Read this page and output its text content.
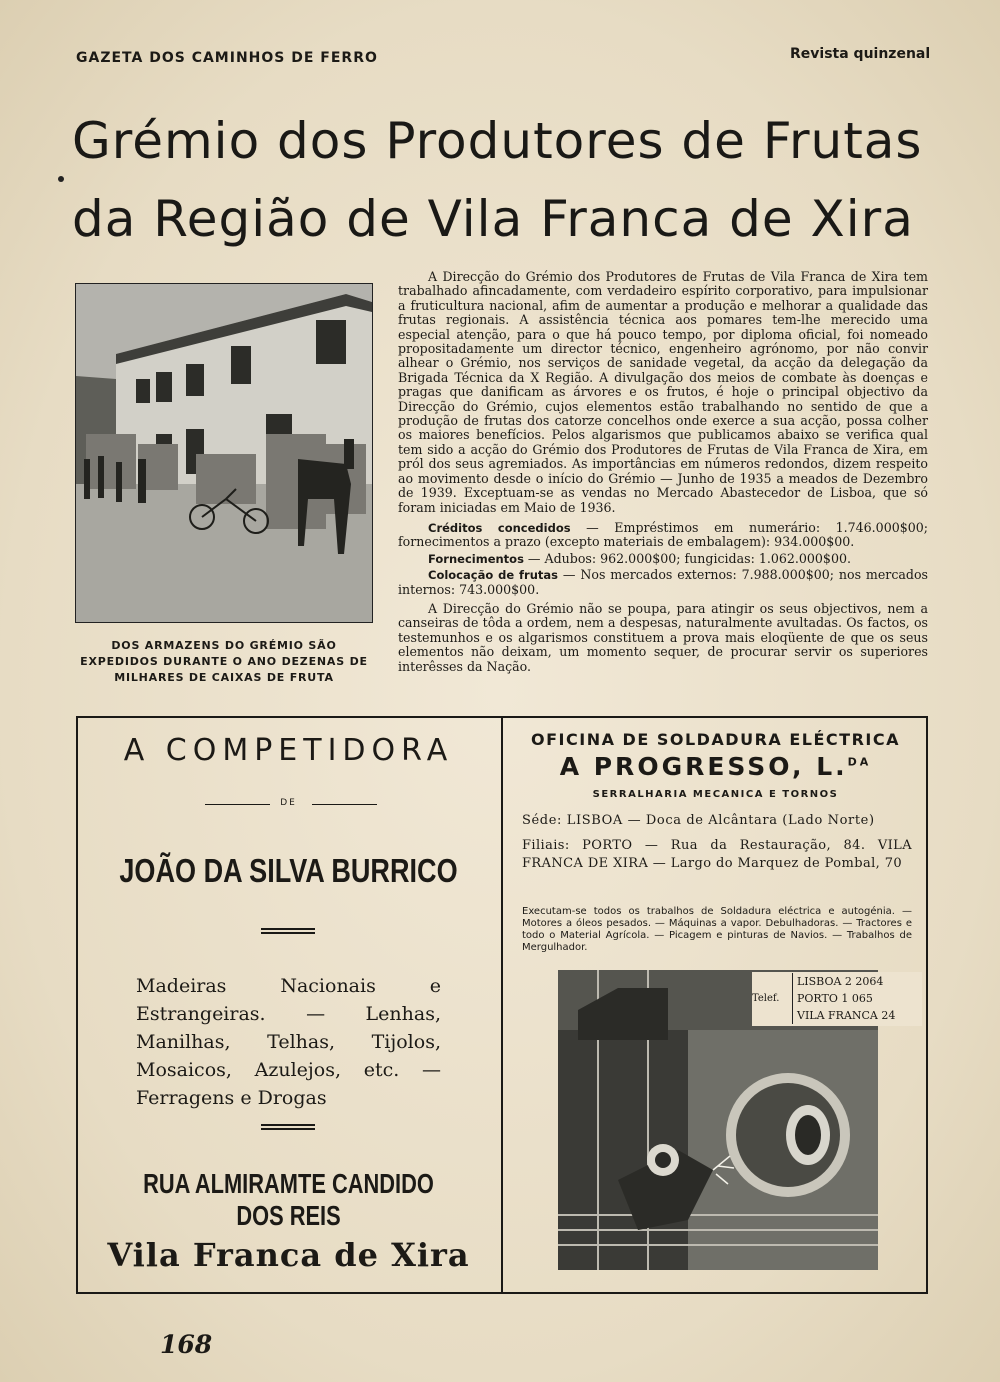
GAZETA DOS CAMINHOS DE FERRO	Revista quinzenal
Grémio dos Produtores de Frutas
da Região de Vila Franca de Xira
DOS ARMAZENS DO GRÉMIO SÃO EXPEDIDOS DURANTE O ANO DEZENAS DE MILHARES DE CAIXAS DE FRUTA

A Direcção do Grémio dos Produtores de Frutas de Vila Franca de Xira tem trabalhado afincadamente, com verdadeiro espírito corporativo, para impulsionar a fruticultura nacional, afim de aumentar a produção e melhorar a qualidade das frutas regionais. A assistência técnica aos pomares tem-lhe merecido uma especial atenção, para o que há pouco tempo, por diploma oficial, foi nomeado propositadamente um director técnico, engenheiro agrónomo, por não convir alhear o Grémio, nos serviços de sanidade vegetal, da acção da delegação da Brigada Técnica da X Região. A divulgação dos meios de combate às doenças e pragas que danificam as árvores e os frutos, é hoje o principal objectivo da Direcção do Grémio, cujos elementos estão trabalhando no sentido de que a produção de frutas dos catorze concelhos onde exerce a sua acção, possa colher os maiores benefícios. Pelos algarismos que publicamos abaixo se verifica qual tem sido a acção do Grémio dos Produtores de Frutas de Vila Franca de Xira, em pról dos seus agremiados. As importâncias em números redondos, dizem respeito ao movimento desde o início do Grémio — Junho de 1935 a meados de Dezembro de 1939. Exceptuam-se as vendas no Mercado Abastecedor de Lisboa, que só foram iniciadas em Maio de 1936.

Créditos concedidos — Empréstimos em numerário: 1.746.000$00; fornecimentos a prazo (excepto materiais de embalagem): 934.000$00.

Fornecimentos — Adubos: 962.000$00; fungicidas: 1.062.000$00.

Colocação de frutas — Nos mercados externos: 7.988.000$00; nos mercados internos: 743.000$00.

A Direcção do Grémio não se poupa, para atingir os seus objectivos, nem a canseiras de tôda a ordem, nem a despesas, naturalmente avultadas. Os factos, os testemunhos e os algarismos constituem a prova mais eloqüente de que os seus elementos não deixam, um momento sequer, de procurar servir os superiores interêsses da Nação.

A COMPETIDORA
DE
JOÃO DA SILVA BURRICO
Madeiras Nacionais e Estrangeiras. — Lenhas, Manilhas, Telhas, Tijolos, Mosaicos, Azulejos, etc. — Ferragens e Drogas
RUA ALMIRAMTE CANDIDO DOS REIS
Vila Franca de Xira
OFICINA DE SOLDADURA ELÉCTRICA
A PROGRESSO, L.$^{DA}$
SERRALHARIA MECANICA E TORNOS
Séde: LISBOA — Doca de Alcântara (Lado Norte)
Filiais: PORTO — Rua da Restauração, 84. VILA FRANCA DE XIRA — Largo do Marquez de Pombal, 70
Executam-se todos os trabalhos de Soldadura eléctrica e autogénia. — Motores a óleos pesados. — Máquinas a vapor. Debulhadoras. — Tractores e todo o Material Agrícola. — Picagem e pinturas de Navios. — Trabalhos de Mergulhador.
Telef.LISBOA 2 2064
PORTO 1 065
VILA FRANCA 24
168
